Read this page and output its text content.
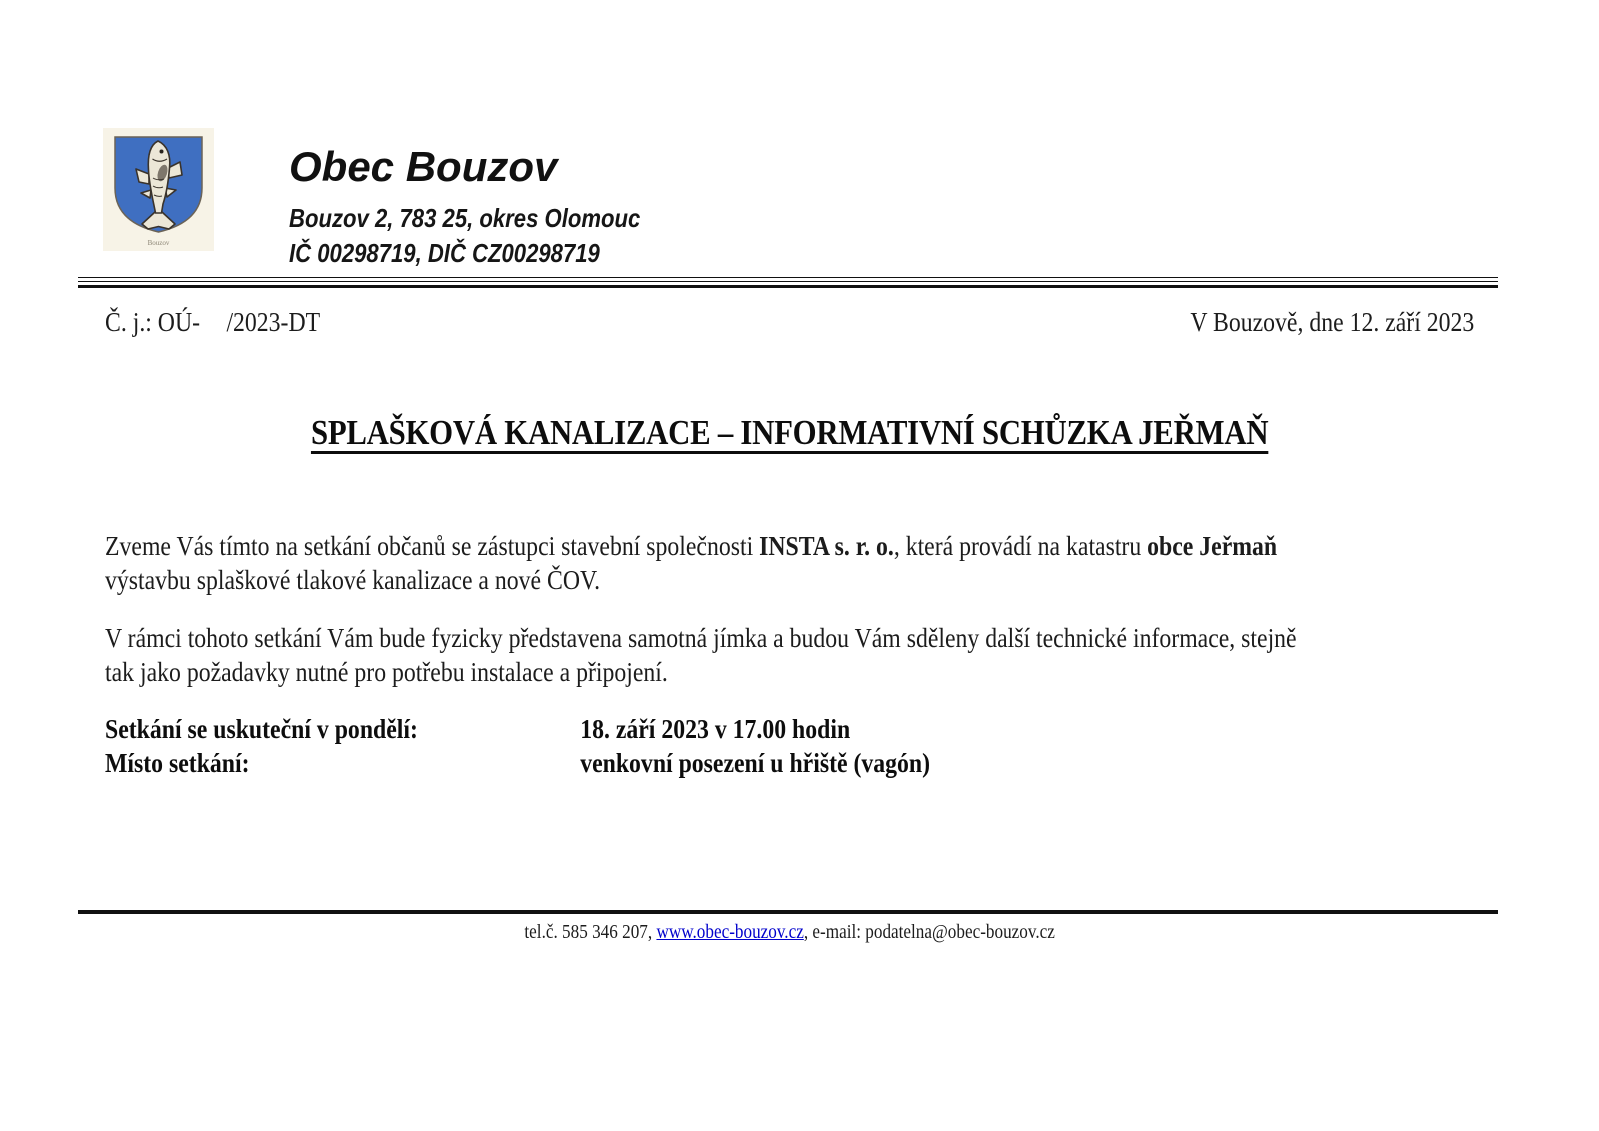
Bouzov
Obec Bouzov
Bouzov 2, 783 25, okres Olomouc
IČ 00298719, DIČ CZ00298719
Č. j.: OÚ- /2023-DT	V Bouzově, dne 12. září 2023
SPLAŠKOVÁ KANALIZACE – INFORMATIVNÍ SCHŮZKA JEŘMAŇ
Zveme Vás tímto na setkání občanů se zástupci stavební společnosti INSTA s. r. o., která provádí na katastru obce Jeřmaň
výstavbu splaškové tlakové kanalizace a nové ČOV.
V rámci tohoto setkání Vám bude fyzicky představena samotná jímka a budou Vám sděleny další technické informace, stejně
tak jako požadavky nutné pro potřebu instalace a připojení.
Setkání se uskuteční v pondělí:	18. září 2023 v 17.00 hodin
Místo setkání:	venkovní posezení u hřiště (vagón)
tel.č. 585 346 207, www.obec-bouzov.cz, e-mail: podatelna@obec-bouzov.cz
